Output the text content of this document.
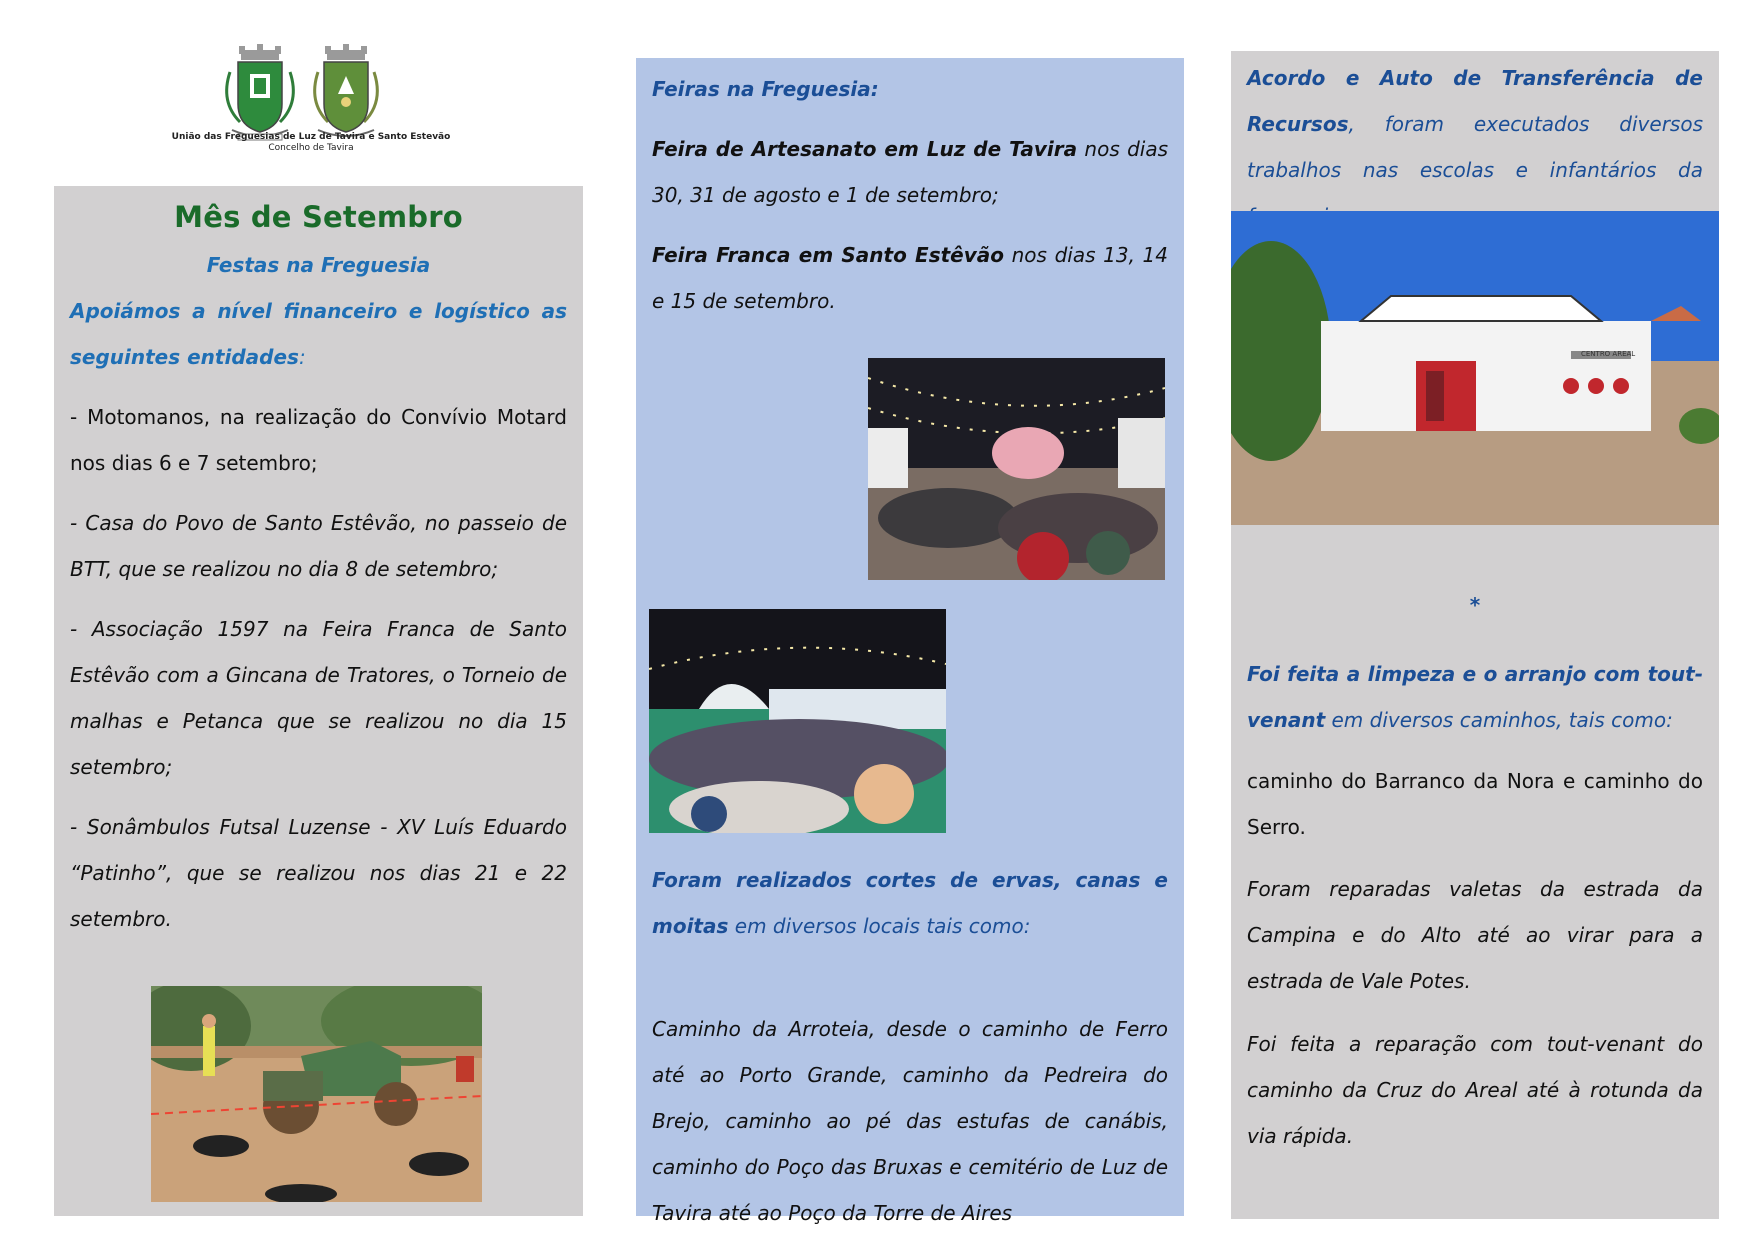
União das Freguesias de Luz de Tavira e Santo Estevão
Concelho de Tavira
Mês de Setembro

Festas na Freguesia

Apoiámos a nível financeiro e logístico as seguintes entidades:

- Motomanos, na realização do Convívio Motard nos dias 6 e 7 setembro;

- Casa do Povo de Santo Estêvão, no passeio de BTT, que se realizou no dia 8 de setembro;

- Associação 1597 na Feira Franca de Santo Estêvão com a Gincana de Tratores, o Torneio de malhas e Petanca que se realizou no dia 15 setembro;

- Sonâmbulos Futsal Luzense - XV Luís Eduardo “Patinho”, que se realizou nos dias 21 e 22 setembro.

Feiras na Freguesia:

Feira de Artesanato em Luz de Tavira nos dias 30, 31 de agosto e 1 de setembro;

Feira Franca em Santo Estêvão nos dias 13, 14 e 15 de setembro.

Foram realizados cortes de ervas, canas e moitas em diversos locais tais como:

Caminho da Arroteia, desde o caminho de Ferro até ao Porto Grande, caminho da Pedreira do Brejo, caminho ao pé das estufas de canábis, caminho do Poço das Bruxas e cemitério de Luz de Tavira até ao Poço da Torre de Aires

Acordo e Auto de Transferência de Recursos, foram executados diversos trabalhos nas escolas e infantários da

CENTRO AREAL

*

Foi feita a limpeza e o arranjo com tout-venant em diversos caminhos, tais como:

caminho do Barranco da Nora e caminho do Serro.

Foram reparadas valetas da estrada da Campina e do Alto até ao virar para a estrada de Vale Potes.

Foi feita a reparação com tout-venant do caminho da Cruz do Areal até à rotunda da via rápida.
